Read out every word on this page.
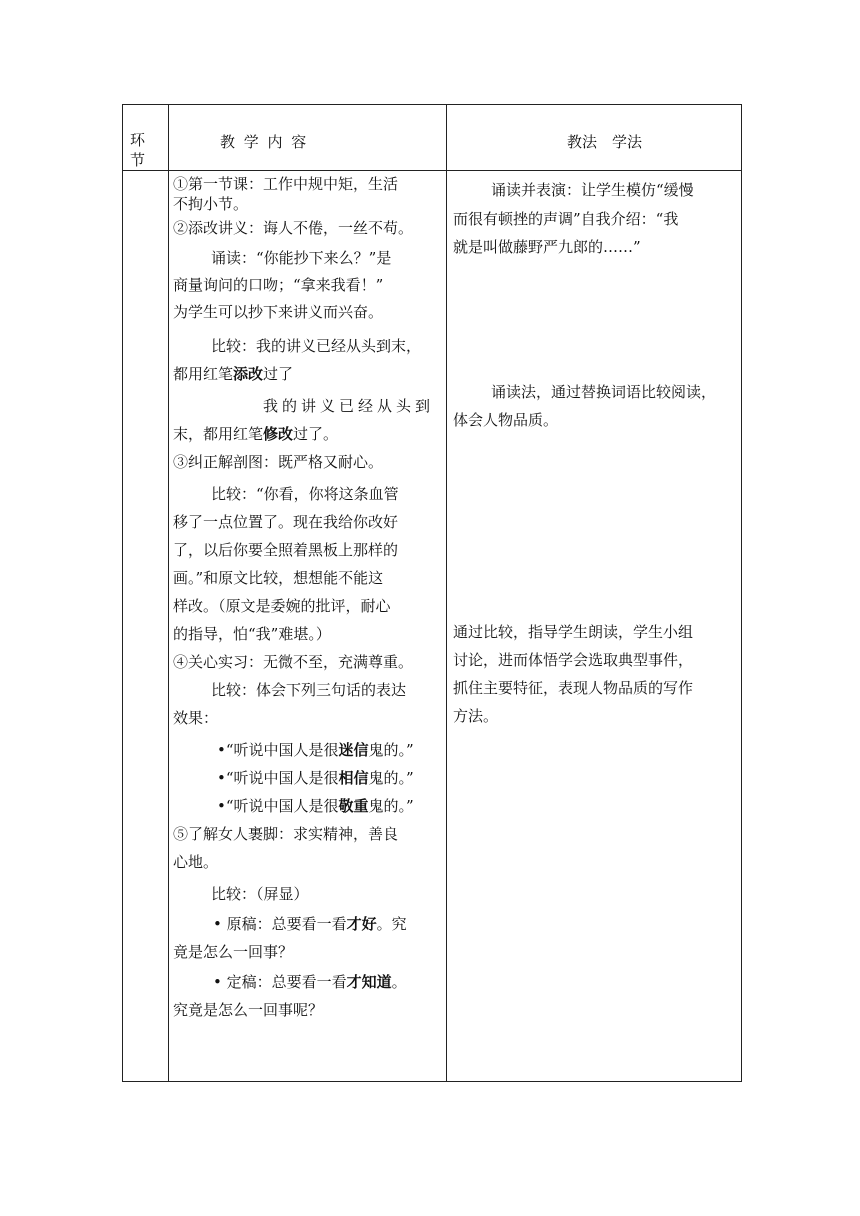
环节
教 学 内 容	教法　学法
①第一节课：工作中规中矩，生活
不拘小节。
②添改讲义：诲人不倦，一丝不苟。
诵读：“你能抄下来么？”是
商量询问的口吻；“拿来我看！”
为学生可以抄下来讲义而兴奋。
比较：我的讲义已经从头到末，
都用红笔添改过了
我的讲义已经从头到
末，都用红笔修改过了。
③纠正解剖图：既严格又耐心。
比较：“你看，你将这条血管
移了一点位置了。现在我给你改好
了，以后你要全照着黑板上那样的
画。”和原文比较，想想能不能这
样改。（原文是委婉的批评，耐心
的指导，怕“我”难堪。）
④关心实习：无微不至，充满尊重。
比较：体会下列三句话的表达
效果：
•“听说中国人是很迷信鬼的。”
•“听说中国人是很相信鬼的。”
•“听说中国人是很敬重鬼的。”
⑤了解女人裹脚：求实精神，善良
心地。
比较：（屏显）
• 原稿：总要看一看才好。究
竟是怎么一回事？
• 定稿：总要看一看才知道。
究竟是怎么一回事呢？
诵读并表演：让学生模仿“缓慢
而很有顿挫的声调”自我介绍：“我
就是叫做藤野严九郎的……”
诵读法，通过替换词语比较阅读，
体会人物品质。
通过比较，指导学生朗读，学生小组
讨论，进而体悟学会选取典型事件，
抓住主要特征，表现人物品质的写作
方法。
